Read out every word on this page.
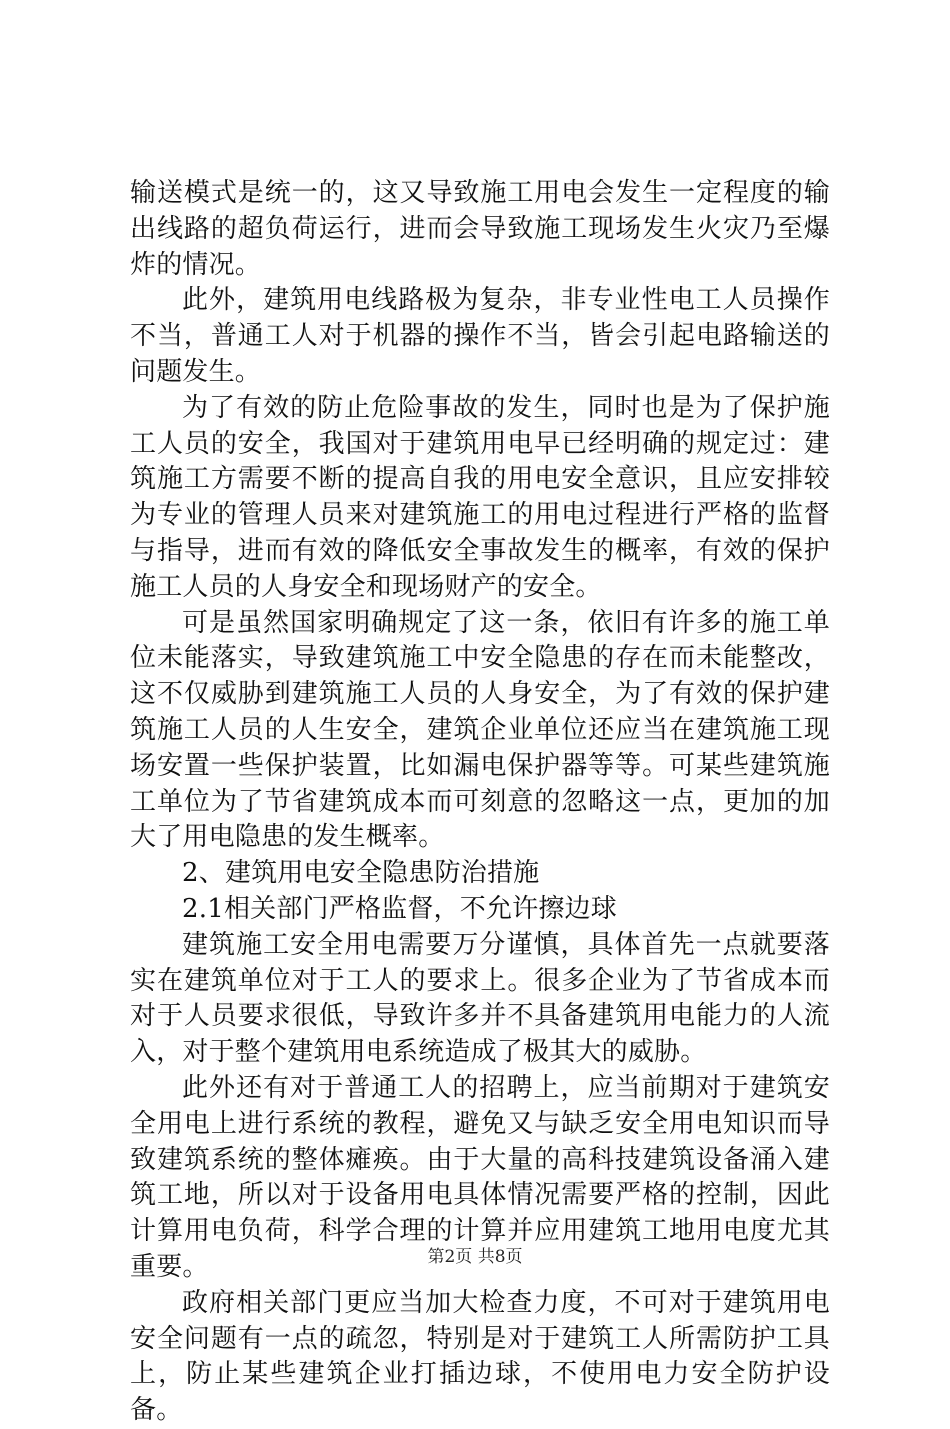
输送模式是统一的，这又导致施工用电会发生一定程度的输出线路的超负荷运行，进而会导致施工现场发生火灾乃至爆炸的情况。

此外，建筑用电线路极为复杂，非专业性电工人员操作不当，普通工人对于机器的操作不当，皆会引起电路输送的问题发生。

为了有效的防止危险事故的发生，同时也是为了保护施工人员的安全，我国对于建筑用电早已经明确的规定过：建筑施工方需要不断的提高自我的用电安全意识，且应安排较为专业的管理人员来对建筑施工的用电过程进行严格的监督与指导，进而有效的降低安全事故发生的概率，有效的保护施工人员的人身安全和现场财产的安全。

可是虽然国家明确规定了这一条，依旧有许多的施工单位未能落实，导致建筑施工中安全隐患的存在而未能整改，这不仅威胁到建筑施工人员的人身安全，为了有效的保护建筑施工人员的人生安全，建筑企业单位还应当在建筑施工现场安置一些保护装置，比如漏电保护器等等。可某些建筑施工单位为了节省建筑成本而可刻意的忽略这一点，更加的加大了用电隐患的发生概率。

2、建筑用电安全隐患防治措施

2.1相关部门严格监督，不允许擦边球

建筑施工安全用电需要万分谨慎，具体首先一点就要落实在建筑单位对于工人的要求上。很多企业为了节省成本而对于人员要求很低，导致许多并不具备建筑用电能力的人流入，对于整个建筑用电系统造成了极其大的威胁。

此外还有对于普通工人的招聘上，应当前期对于建筑安全用电上进行系统的教程，避免又与缺乏安全用电知识而导致建筑系统的整体瘫痪。由于大量的高科技建筑设备涌入建筑工地，所以对于设备用电具体情况需要严格的控制，因此计算用电负荷，科学合理的计算并应用建筑工地用电度尤其重要。

政府相关部门更应当加大检查力度，不可对于建筑用电安全问题有一点的疏忽，特别是对于建筑工人所需防护工具上，防止某些建筑企业打插边球，不使用电力安全防护设备。

第2页 共8页
